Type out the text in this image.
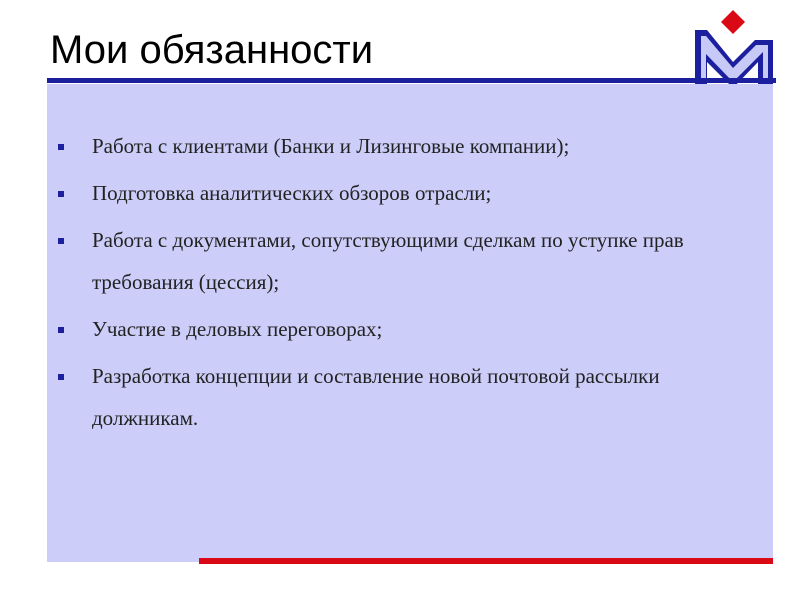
Мои обязанности
Работа с клиентами (Банки и Лизинговые компании);
Подготовка аналитических обзоров отрасли;
Работа с документами, сопутствующими сделкам по уступке прав требования (цессия);
Участие в деловых переговорах;
Разработка концепции и составление новой почтовой рассылки должникам.
